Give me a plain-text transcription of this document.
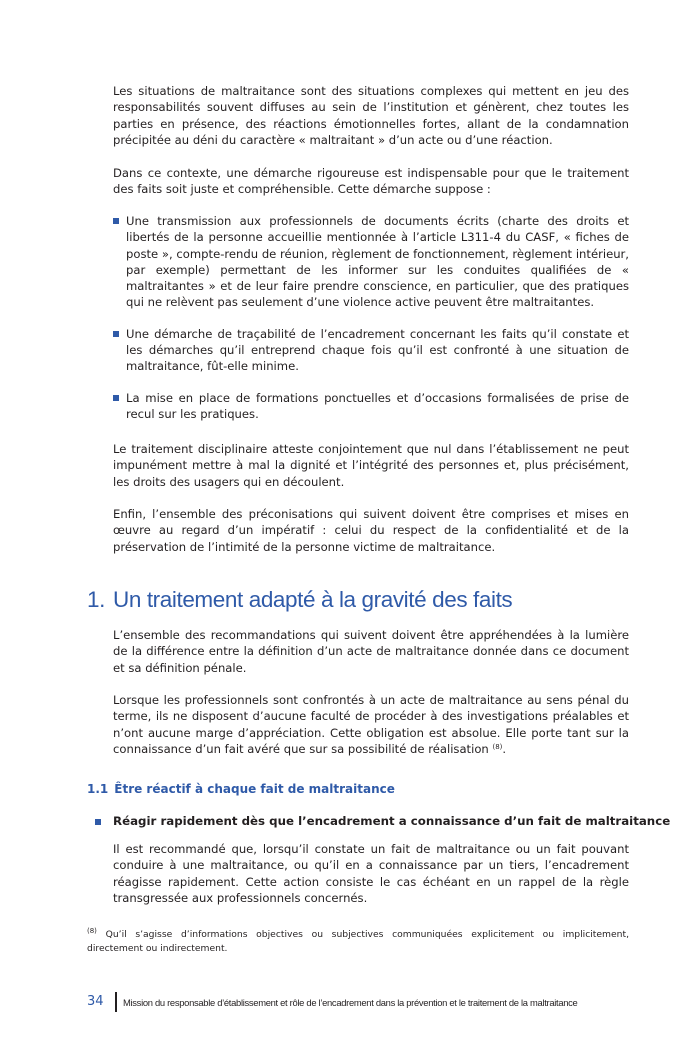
Les situations de maltraitance sont des situations complexes qui mettent en jeu des responsabilités souvent diffuses au sein de l’institution et génèrent, chez toutes les parties en présence, des réactions émotionnelles fortes, allant de la condamnation précipitée au déni du caractère « maltraitant » d’un acte ou d’une réaction.

Dans ce contexte, une démarche rigoureuse est indispensable pour que le traitement des faits soit juste et compréhensible. Cette démarche suppose :

Une transmission aux professionnels de documents écrits (charte des droits et libertés de la personne accueillie mentionnée à l’article L311-4 du CASF, « fiches de poste », compte-rendu de réunion, règlement de fonctionnement, règlement intérieur, par exemple) permettant de les informer sur les conduites qualifiées de « maltraitantes » et de leur faire prendre conscience, en particulier, que des pratiques qui ne relèvent pas seulement d’une violence active peuvent être maltraitantes.

Une démarche de traçabilité de l’encadrement concernant les faits qu’il constate et les démarches qu’il entreprend chaque fois qu’il est confronté à une situation de maltraitance, fût-elle minime.

La mise en place de formations ponctuelles et d’occasions formalisées de prise de recul sur les pratiques.

Le traitement disciplinaire atteste conjointement que nul dans l’établissement ne peut impunément mettre à mal la dignité et l’intégrité des personnes et, plus précisément, les droits des usagers qui en découlent.

Enfin, l’ensemble des préconisations qui suivent doivent être comprises et mises en œuvre au regard d’un impératif : celui du respect de la confidentialité et de la préservation de l’intimité de la personne victime de maltraitance.

1. Un traitement adapté à la gravité des faits

L’ensemble des recommandations qui suivent doivent être appréhendées à la lumière de la différence entre la définition d’un acte de maltraitance donnée dans ce document et sa définition pénale.

Lorsque les professionnels sont confrontés à un acte de maltraitance au sens pénal du terme, ils ne disposent d’aucune faculté de procéder à des investigations préalables et n’ont aucune marge d’appréciation. Cette obligation est absolue. Elle porte tant sur la connaissance d’un fait avéré que sur sa possibilité de réalisation $^{(8)}$.

1.1 Être réactif à chaque fait de maltraitance
Réagir rapidement dès que l’encadrement a connaissance d’un fait de maltraitance

Il est recommandé que, lorsqu’il constate un fait de maltraitance ou un fait pouvant conduire à une maltraitance, ou qu’il en a connaissance par un tiers, l’encadrement réagisse rapidement. Cette action consiste le cas échéant en un rappel de la règle transgressée aux professionnels concernés.

$^{(8)}$ Qu’il s’agisse d’informations objectives ou subjectives communiquées explicitement ou implicitement, directement ou indirectement.

34 Mission du responsable d’établissement et rôle de l’encadrement dans la prévention et le traitement de la maltraitance
